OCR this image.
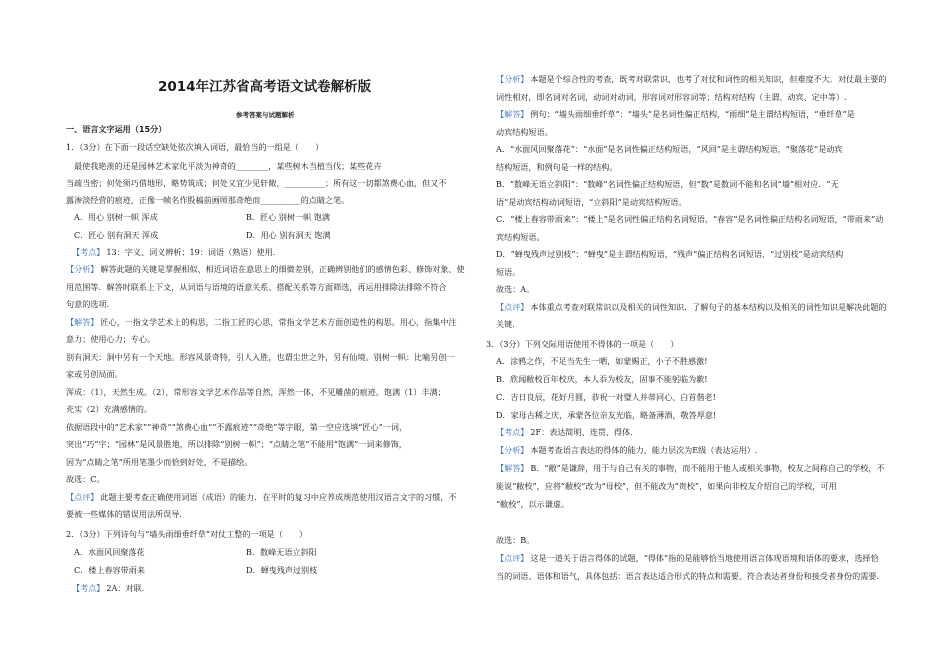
2014年江苏省高考语文试卷解析版
参考答案与试题解析
一、语言文字运用（15分）
1．（3分）在下面一段话空缺处依次填入词语，最恰当的一组是（　　）
最使我艳羡的还是园林艺术家化平淡为神奇的________，某些树木当植当伐；某些花卉
当疏当密；何处须巧借地形，略势筑成；何处又宜少见轩敞，__________；所有这一切都煞费心血，但又不
露渗淡经营的痕迹，正像一帧名作股稿前画师那奇绝而__________的点睛之笔。
A．用心 别树一帜 浑成	B．匠心 别树一帜 饱满
C．匠心 别有洞天 浑成	D．用心 别有洞天 饱满
【考点】 13：字义、词义辨析；19：词语（熟语）使用.
【分析】 解答此题的关键是掌握相似、相近词语在意思上的细微差别，正确辨别他们的感情色彩、修饰对象、使
用范围等．解答时联系上下文，从词语与语境的语意关系、搭配关系等方面筛选，再运用排除法排除不符合
句意的选项.
【解答】 匠心，一指文学艺术上的构思，二指工匠的心思，常指文学艺术方面创造性的构思。用心，指集中注
意力；使用心力；专心。
别有洞天：洞中另有一个天地。形容风景奇特，引人入胜，也谓尘世之外，另有仙境。别树一帜：比喻另创一
家或另创局面。
浑成：（1），天然生成。（2），常形容文学艺术作品等自然，浑然一体，不见雕凿的痕迹。饱满（1）丰满；
充实（2）充满感情的。
依据语段中的“艺术家”“神奇”“煞费心血”“不露痕迹”“奇绝”等字眼，第一空应选填“匠心”一词，
突出“巧”字；“园林”是风景胜地，所以排除“别树一帜”；“点睛之笔”不能用“饱满”一词来修饰，
因为“点睛之笔”所用笔墨少而恰到好处，不是描绘。
故选：C。
【点评】 此题主要考查正确使用词语（成语）的能力．在平时的复习中应养成规范使用汉语言文字的习惯，不
要被一些媒体的错误用法所误导.
2．（3分）下列诗句与“墙头雨细垂纤草”对仗工整的一项是（　　）
A．水面风回聚落花	B．数峰无语立斜阳
C．楼上春容带雨来	D．蝉曳残声过别枝
【考点】 2A：对联.
【分析】 本题是个综合性的考查，既考对联常识，也考了对仗和词性的相关知识，但难度不大．对仗最主要的
词性相对，即名词对名词，动词对动词，形容词对形容词等；结构对结构（主谓、动宾、定中等）.
【解答】 例句：“墙头雨细垂纤草”：“墙头”是名词性偏正结构，“雨细”是主谓结构短语，“垂纤草”是
动宾结构短语。
A．“水面风回聚落花”：“水面”是名词性偏正结构短语，“风回”是主谓结构短语，“聚落花”是动宾
结构短语，和例句是一样的结构。
B．“数峰无语立斜阳”：“数峰”名词性偏正结构短语，但“数”是数词不能和名词“墙”相对应．“无
语”是动宾结构动词短语，“立斜阳”是动宾结构短语。
C．“楼上春容带雨来”：“楼上”是名词性偏正结构名词短语，“春容”是名词性偏正结构名词短语，“带雨来”动
宾结构短语。
D．“蝉曳残声过别枝”：“蝉曳”是主谓结构短语，“残声”偏正结构名词短语，“过别枝”是动宾结构
短语。
故选：A。
【点评】 本体重点考查对联常识以及相关的词性知识．了解句子的基本结构以及相关的词性知识是解决此题的
关键.
3．（3分）下列交际用语使用不得体的一项是（　　）
A．涂鸦之作，不足当先生一哂，如蒙赐正，小子不胜感激!
B．欣闻敝校百年校庆，本人忝为校友，固事不能躬临为歉!
C．吉日良辰，花好月圆，恭祝一对璧人并蒂同心、白首偕老!
D．家母古稀之庆，承蒙各位亲友光临，略备薄酒，敬答厚意!
【考点】 2F：表达简明、连贯、得体.
【分析】 本题考查语言表达的得体的能力，能力层次为E级（表达运用）.
【解答】 B．“敝”是谦辞，用于与自己有关的事物，而不能用于他人或相关事物，校友之间称自己的学校，不
能说“敝校”，应将“敝校”改为“母校”，但不能改为“贵校”，如果向非校友介绍自己的学校，可用
“敝校”，以示谦虚。
故选：B。
【点评】 这是一道关于语言得体的试题，“得体”指的是能够恰当地使用语言体现语境和语体的要求，选择恰
当的词语、语体和语气，具体包括：语言表达适合形式的特点和需要、符合表达者身份和接受者身份的需要.
